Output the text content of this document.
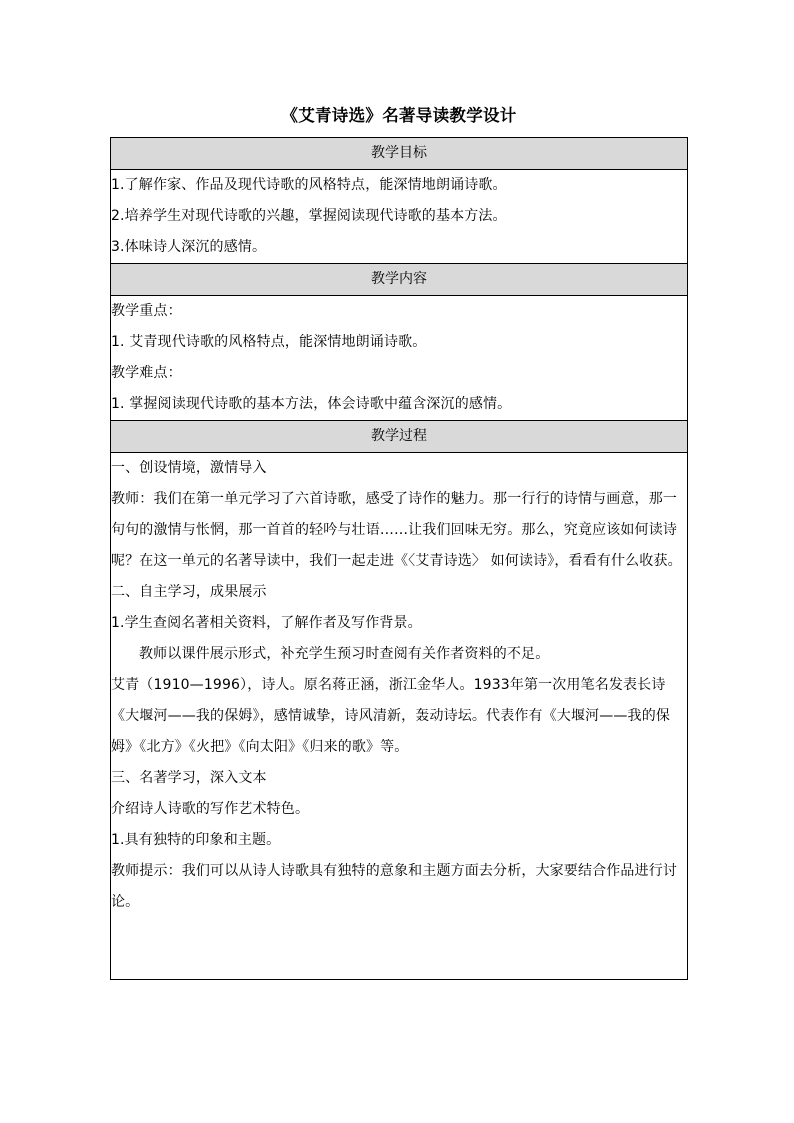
《艾青诗选》名著导读教学设计
教学目标

1.了解作家、作品及现代诗歌的风格特点，能深情地朗诵诗歌。
2.培养学生对现代诗歌的兴趣，掌握阅读现代诗歌的基本方法。
3.体味诗人深沉的感情。

教学内容

教学重点：
1. 艾青现代诗歌的风格特点，能深情地朗诵诗歌。
教学难点：
1. 掌握阅读现代诗歌的基本方法，体会诗歌中蕴含深沉的感情。

教学过程

一、创设情境，激情导入
教师：我们在第一单元学习了六首诗歌，感受了诗作的魅力。那一行行的诗情与画意，那一句句的激情与怅惘，那一首首的轻吟与壮语……让我们回味无穷。那么，究竟应该如何读诗呢？在这一单元的名著导读中，我们一起走进《〈艾青诗选〉 如何读诗》，看看有什么收获。
二、自主学习，成果展示
1.学生查阅名著相关资料，了解作者及写作背景。
教师以课件展示形式，补充学生预习时查阅有关作者资料的不足。
艾青（1910—1996），诗人。原名蒋正涵，浙江金华人。1933年第一次用笔名发表长诗《大堰河——我的保姆》，感情诚挚，诗风清新，轰动诗坛。代表作有《大堰河——我的保姆》《北方》《火把》《向太阳》《归来的歌》等。
三、名著学习，深入文本
介绍诗人诗歌的写作艺术特色。
1.具有独特的印象和主题。
教师提示：我们可以从诗人诗歌具有独特的意象和主题方面去分析，大家要结合作品进行讨论。
